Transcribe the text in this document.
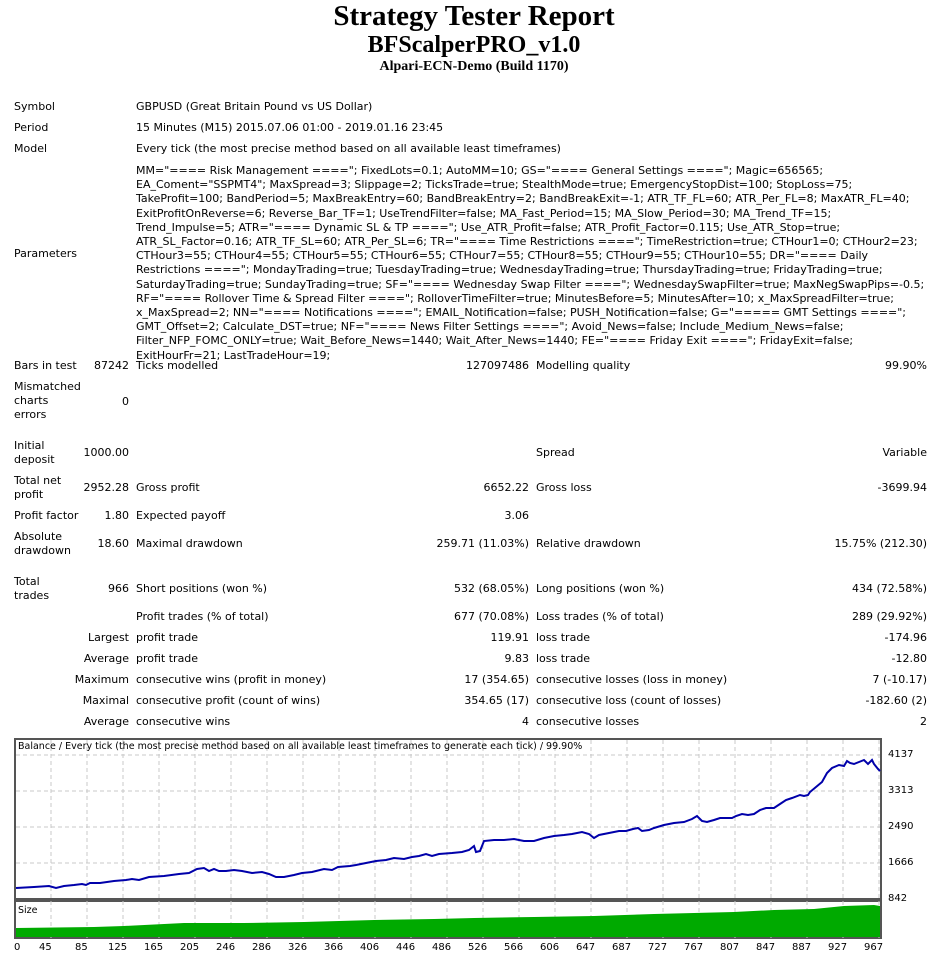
Strategy Tester Report
BFScalperPRO_v1.0
Alpari-ECN-Demo (Build 1170)
Symbol	GBPUSD (Great Britain Pound vs US Dollar)
Period	15 Minutes (M15) 2015.07.06 01:00 - 2019.01.16 23:45
Model	Every tick (the most precise method based on all available least timeframes)
Parameters
MM="==== Risk Management ===="; FixedLots=0.1; AutoMM=10; GS="==== General Settings ===="; Magic=656565; EA_Coment="SSPMT4"; MaxSpread=3; Slippage=2; TicksTrade=true; StealthMode=true; EmergencyStopDist=100; StopLoss=75; TakeProfit=100; BandPeriod=5; MaxBreakEntry=60; BandBreakEntry=2; BandBreakExit=-1; ATR_TF_FL=60; ATR_Per_FL=8; MaxATR_FL=40; ExitProfitOnReverse=6; Reverse_Bar_TF=1; UseTrendFilter=false; MA_Fast_Period=15; MA_Slow_Period=30; MA_Trend_TF=15; Trend_Impulse=5; ATR="==== Dynamic SL & TP ===="; Use_ATR_Profit=false; ATR_Profit_Factor=0.115; Use_ATR_Stop=true; ATR_SL_Factor=0.16; ATR_TF_SL=60; ATR_Per_SL=6; TR="==== Time Restrictions ===="; TimeRestriction=true; CTHour1=0; CTHour2=23; CTHour3=55; CTHour4=55; CTHour5=55; CTHour6=55; CTHour7=55; CTHour8=55; CTHour9=55; CTHour10=55; DR="==== Daily Restrictions ===="; MondayTrading=true; TuesdayTrading=true; WednesdayTrading=true; ThursdayTrading=true; FridayTrading=true; SaturdayTrading=true; SundayTrading=true; SF="==== Wednesday Swap Filter ===="; WednesdaySwapFilter=true; MaxNegSwapPips=-0.5; RF="==== Rollover Time & Spread Filter ===="; RolloverTimeFilter=true; MinutesBefore=5; MinutesAfter=10; x_MaxSpreadFilter=true; x_MaxSpread=2; NN="==== Notifications ===="; EMAIL_Notification=false; PUSH_Notification=false; G="===== GMT Settings ===="; GMT_Offset=2; Calculate_DST=true; NF="==== News Filter Settings ===="; Avoid_News=false; Include_Medium_News=false; Filter_NFP_FOMC_ONLY=true; Wait_Before_News=1440; Wait_After_News=1440; FE="==== Friday Exit ===="; FridayExit=false; ExitHourFr=21; LastTradeHour=19;
Bars in test	87242 Ticks modelled	127097486 Modelling quality	99.90%
Mismatched charts errors
0
Initial deposit
1000.00	Spread	Variable
Total net profit
2952.28 Gross profit	6652.22 Gross loss	-3699.94
Profit factor	1.80 Expected payoff	3.06
Absolute drawdown
18.60 Maximal drawdown	259.71 (11.03%) Relative drawdown	15.75% (212.30)
Total trades
966 Short positions (won %)	532 (68.05%) Long positions (won %)	434 (72.58%)
Profit trades (% of total)	677 (70.08%) Loss trades (% of total)	289 (29.92%)
Largest profit trade	119.91 loss trade	-174.96
Average profit trade	9.83 loss trade	-12.80
Maximum consecutive wins (profit in money)	17 (354.65) consecutive losses (loss in money)	7 (-10.17)
Maximal consecutive profit (count of wins)	354.65 (17) consecutive loss (count of losses)	-182.60 (2)
Average consecutive wins	4 consecutive losses	2
Balance / Every tick (the most precise method based on all available least timeframes to generate each tick) / 99.90%
Size
4137
3313
2490
1666
842
0 45 85 125 165 205 246 286 326 366 406 446 486 526 566 606 647 687 727 767 807 847 887 927 967
